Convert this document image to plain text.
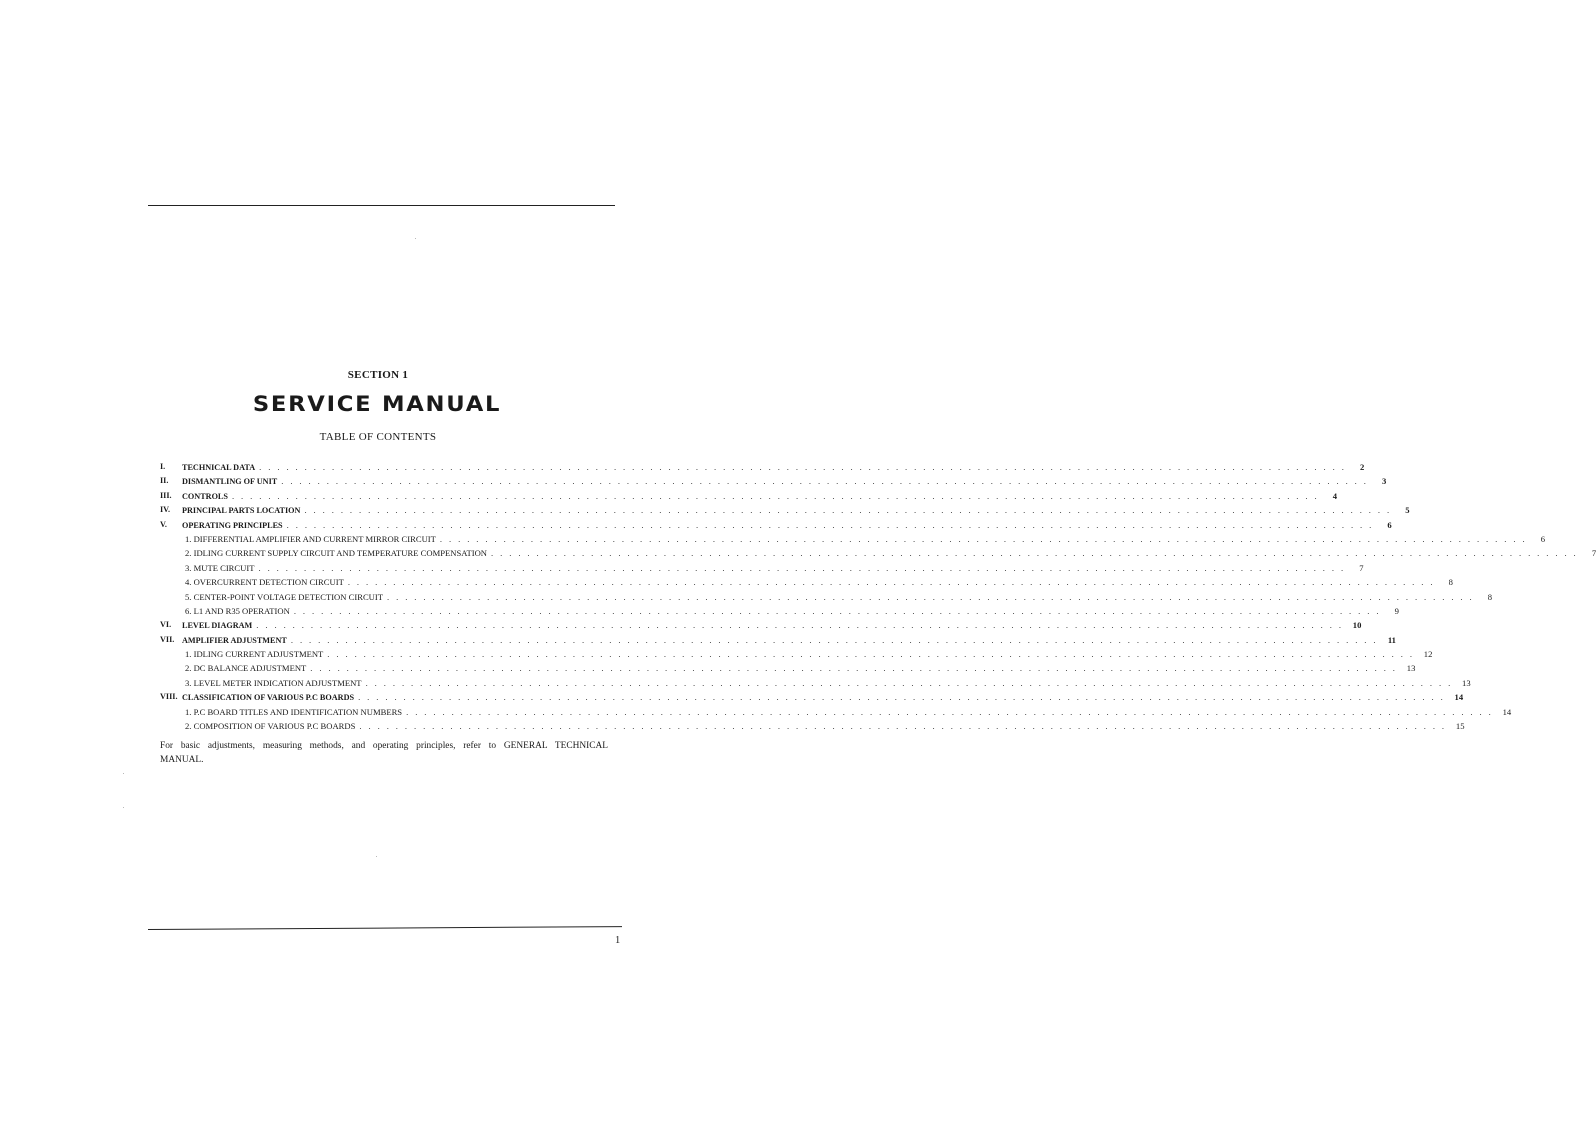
SECTION 1
SERVICE MANUAL
TABLE OF CONTENTS
I.	TECHNICAL DATA . . . . . . . . . . . . . . . . . . . . . . . . . . . . . . . . . . . . . . . . . . . . . . . . . . . . . . . . . . . . . . . . . . . . . . . . . . . . . . . . . . . . . . . . . . . . . . . . . . . . . . . . . . . . . . . . . . . . . . . .	2
II.	DISMANTLING OF UNIT . . . . . . . . . . . . . . . . . . . . . . . . . . . . . . . . . . . . . . . . . . . . . . . . . . . . . . . . . . . . . . . . . . . . . . . . . . . . . . . . . . . . . . . . . . . . . . . . . . . . . . . . . . . . . . . . . . . . . . . .	3
III.	CONTROLS . . . . . . . . . . . . . . . . . . . . . . . . . . . . . . . . . . . . . . . . . . . . . . . . . . . . . . . . . . . . . . . . . . . . . . . . . . . . . . . . . . . . . . . . . . . . . . . . . . . . . . . . . . . . . . . . . . . . . . . .	4
IV.	PRINCIPAL PARTS LOCATION . . . . . . . . . . . . . . . . . . . . . . . . . . . . . . . . . . . . . . . . . . . . . . . . . . . . . . . . . . . . . . . . . . . . . . . . . . . . . . . . . . . . . . . . . . . . . . . . . . . . . . . . . . . . . . . . . . . . . . . .	5
V.	OPERATING PRINCIPLES . . . . . . . . . . . . . . . . . . . . . . . . . . . . . . . . . . . . . . . . . . . . . . . . . . . . . . . . . . . . . . . . . . . . . . . . . . . . . . . . . . . . . . . . . . . . . . . . . . . . . . . . . . . . . . . . . . . . . . . .	6
1. DIFFERENTIAL AMPLIFIER AND CURRENT MIRROR CIRCUIT . . . . . . . . . . . . . . . . . . . . . . . . . . . . . . . . . . . . . . . . . . . . . . . . . . . . . . . . . . . . . . . . . . . . . . . . . . . . . . . . . . . . . . . . . . . . . . . . . . . . . . . . . . . . . . . . . . . . . . . .	6
2. IDLING CURRENT SUPPLY CIRCUIT AND TEMPERATURE COMPENSATION . . . . . . . . . . . . . . . . . . . . . . . . . . . . . . . . . . . . . . . . . . . . . . . . . . . . . . . . . . . . . . . . . . . . . . . . . . . . . . . . . . . . . . . . . . . . . . . . . . . . . . . . . . . . . . . . . . . . . . . .	7
3. MUTE CIRCUIT . . . . . . . . . . . . . . . . . . . . . . . . . . . . . . . . . . . . . . . . . . . . . . . . . . . . . . . . . . . . . . . . . . . . . . . . . . . . . . . . . . . . . . . . . . . . . . . . . . . . . . . . . . . . . . . . . . . . . . . .	7
4. OVERCURRENT DETECTION CIRCUIT . . . . . . . . . . . . . . . . . . . . . . . . . . . . . . . . . . . . . . . . . . . . . . . . . . . . . . . . . . . . . . . . . . . . . . . . . . . . . . . . . . . . . . . . . . . . . . . . . . . . . . . . . . . . . . . . . . . . . . . .	8
5. CENTER-POINT VOLTAGE DETECTION CIRCUIT . . . . . . . . . . . . . . . . . . . . . . . . . . . . . . . . . . . . . . . . . . . . . . . . . . . . . . . . . . . . . . . . . . . . . . . . . . . . . . . . . . . . . . . . . . . . . . . . . . . . . . . . . . . . . . . . . . . . . . . .	8
6. L1 AND R35 OPERATION . . . . . . . . . . . . . . . . . . . . . . . . . . . . . . . . . . . . . . . . . . . . . . . . . . . . . . . . . . . . . . . . . . . . . . . . . . . . . . . . . . . . . . . . . . . . . . . . . . . . . . . . . . . . . . . . . . . . . . . .	9
VI.	LEVEL DIAGRAM . . . . . . . . . . . . . . . . . . . . . . . . . . . . . . . . . . . . . . . . . . . . . . . . . . . . . . . . . . . . . . . . . . . . . . . . . . . . . . . . . . . . . . . . . . . . . . . . . . . . . . . . . . . . . . . . . . . . . . . .	10
VII. AMPLIFIER ADJUSTMENT . . . . . . . . . . . . . . . . . . . . . . . . . . . . . . . . . . . . . . . . . . . . . . . . . . . . . . . . . . . . . . . . . . . . . . . . . . . . . . . . . . . . . . . . . . . . . . . . . . . . . . . . . . . . . . . . . . . . . . . .	11
1. IDLING CURRENT ADJUSTMENT . . . . . . . . . . . . . . . . . . . . . . . . . . . . . . . . . . . . . . . . . . . . . . . . . . . . . . . . . . . . . . . . . . . . . . . . . . . . . . . . . . . . . . . . . . . . . . . . . . . . . . . . . . . . . . . . . . . . . . . .	12
2. DC BALANCE ADJUSTMENT . . . . . . . . . . . . . . . . . . . . . . . . . . . . . . . . . . . . . . . . . . . . . . . . . . . . . . . . . . . . . . . . . . . . . . . . . . . . . . . . . . . . . . . . . . . . . . . . . . . . . . . . . . . . . . . . . . . . . . . .	13
3. LEVEL METER INDICATION ADJUSTMENT . . . . . . . . . . . . . . . . . . . . . . . . . . . . . . . . . . . . . . . . . . . . . . . . . . . . . . . . . . . . . . . . . . . . . . . . . . . . . . . . . . . . . . . . . . . . . . . . . . . . . . . . . . . . . . . . . . . . . . . .	13
VIII. CLASSIFICATION OF VARIOUS P.C BOARDS . . . . . . . . . . . . . . . . . . . . . . . . . . . . . . . . . . . . . . . . . . . . . . . . . . . . . . . . . . . . . . . . . . . . . . . . . . . . . . . . . . . . . . . . . . . . . . . . . . . . . . . . . . . . . . . . . . . . . . . .	14
1. P.C BOARD TITLES AND IDENTIFICATION NUMBERS . . . . . . . . . . . . . . . . . . . . . . . . . . . . . . . . . . . . . . . . . . . . . . . . . . . . . . . . . . . . . . . . . . . . . . . . . . . . . . . . . . . . . . . . . . . . . . . . . . . . . . . . . . . . . . . . . . . . . . . .	14
2. COMPOSITION OF VARIOUS P.C BOARDS . . . . . . . . . . . . . . . . . . . . . . . . . . . . . . . . . . . . . . . . . . . . . . . . . . . . . . . . . . . . . . . . . . . . . . . . . . . . . . . . . . . . . . . . . . . . . . . . . . . . . . . . . . . . . . . . . . . . . . . .	15
For basic adjustments, measuring methods, and operating principles, refer to GENERAL TECHNICAL MANUAL.
1
